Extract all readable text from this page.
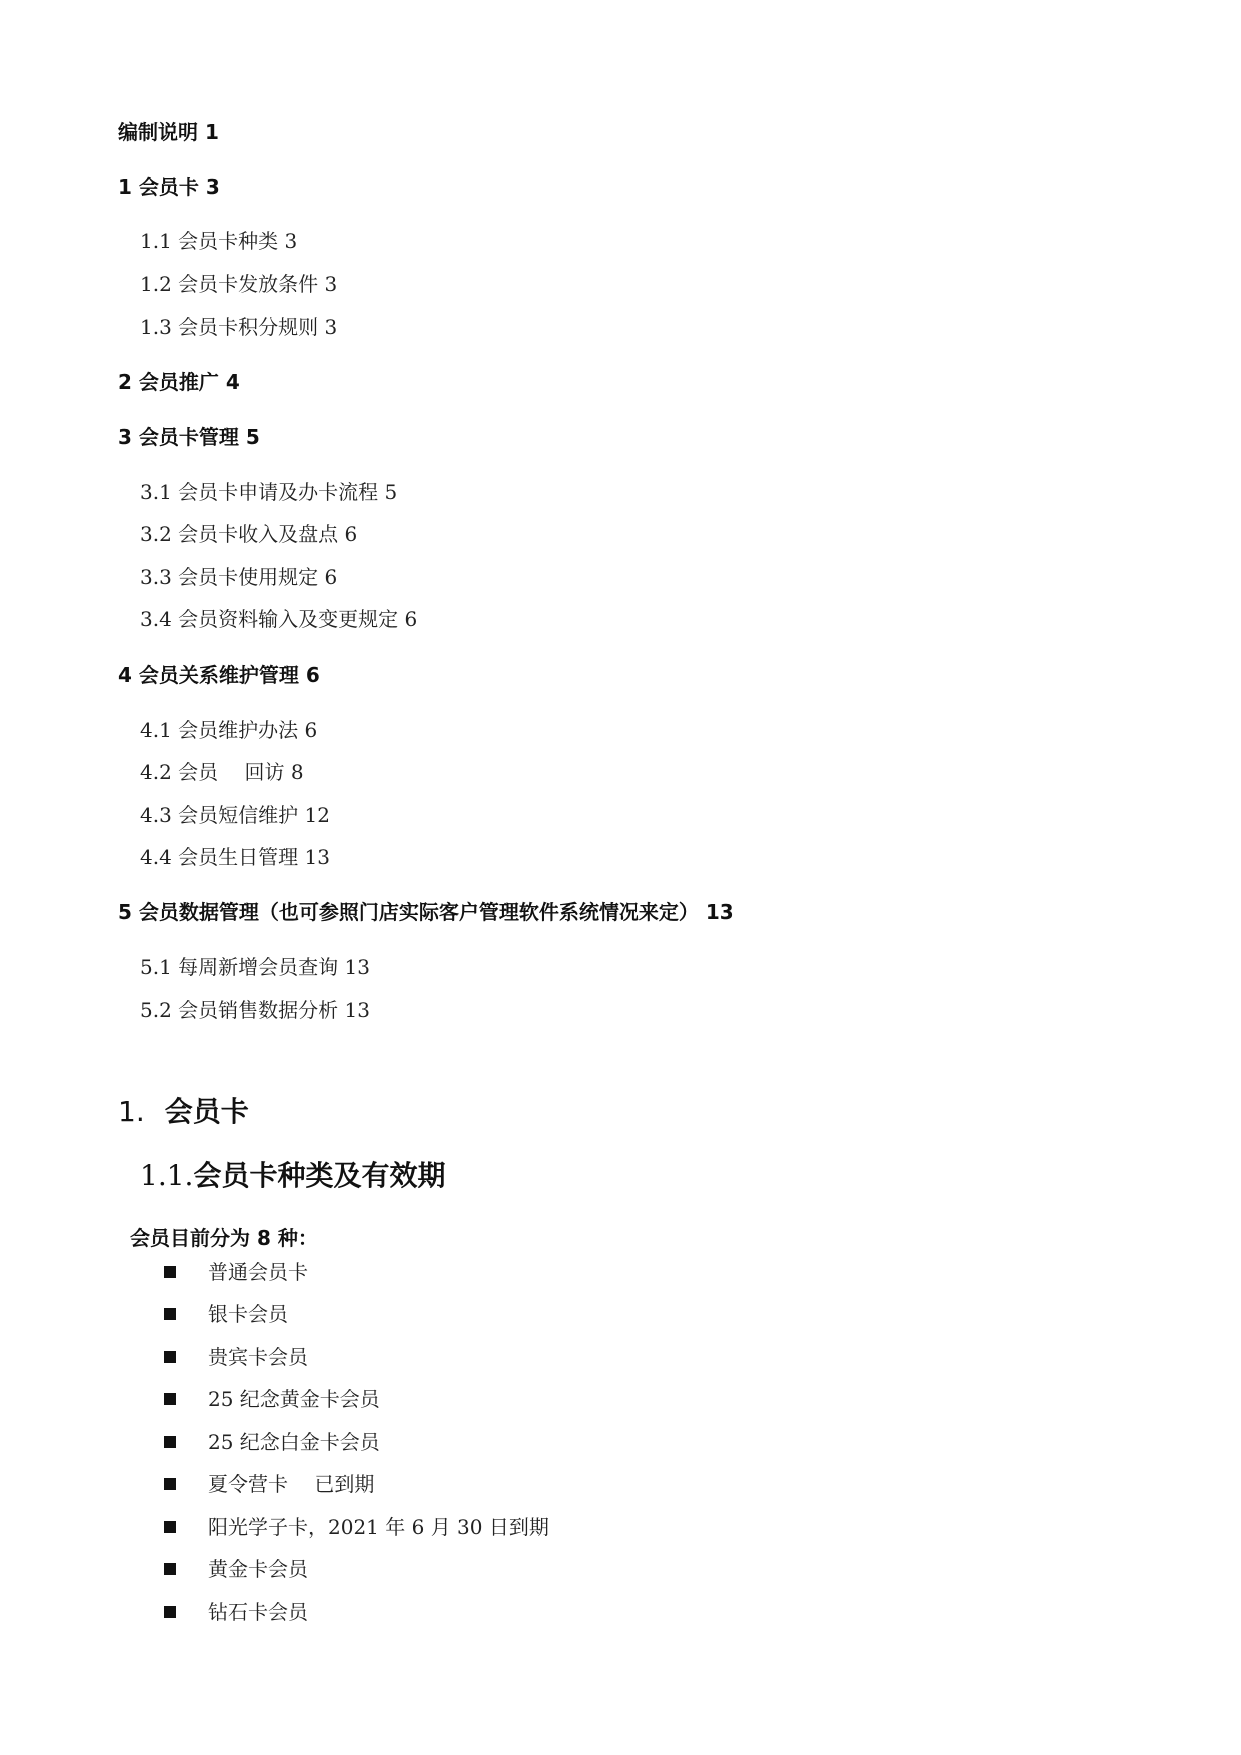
编制说明 1
1 会员卡 3
1.1 会员卡种类 3
1.2 会员卡发放条件 3
1.3 会员卡积分规则 3
2 会员推广 4
3 会员卡管理 5
3.1 会员卡申请及办卡流程 5
3.2 会员卡收入及盘点 6
3.3 会员卡使用规定 6
3.4 会员资料输入及变更规定 6
4 会员关系维护管理 6
4.1 会员维护办法 6
4.2 会员　 回访 8
4.3 会员短信维护 12
4.4 会员生日管理 13
5 会员数据管理（也可参照门店实际客户管理软件系统情况来定） 13
5.1 每周新增会员查询 13
5.2 会员销售数据分析 13
1. 会员卡
1.1.会员卡种类及有效期
会员目前分为 8 种：
普通会员卡
银卡会员
贵宾卡会员
25 纪念黄金卡会员
25 纪念白金卡会员
夏令营卡　 已到期
阳光学子卡，2021 年 6 月 30 日到期
黄金卡会员
钻石卡会员
